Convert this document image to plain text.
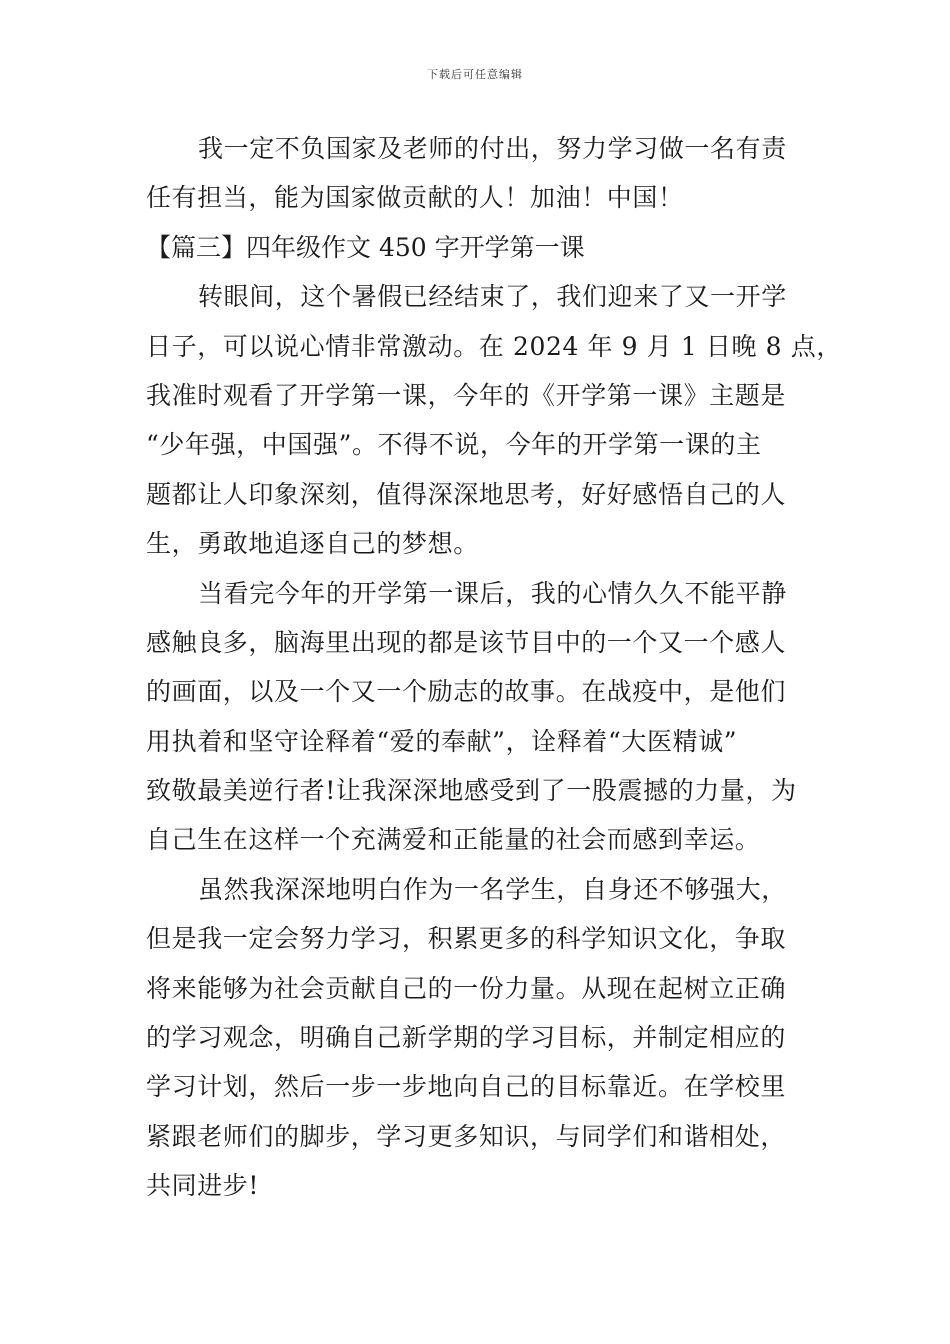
下载后可任意编辑
我一定不负国家及老师的付出，努力学习做一名有责
任有担当，能为国家做贡献的人！加油！中国！
【篇三】四年级作文 450 字开学第一课
转眼间，这个暑假已经结束了，我们迎来了又一开学
日子，可以说心情非常激动。在 2024 年 9 月 1 日晚 8 点，
我准时观看了开学第一课，今年的《开学第一课》主题是
“少年强，中国强”。不得不说，今年的开学第一课的主
题都让人印象深刻，值得深深地思考，好好感悟自己的人
生，勇敢地追逐自己的梦想。
当看完今年的开学第一课后，我的心情久久不能平静
感触良多，脑海里出现的都是该节目中的一个又一个感人
的画面，以及一个又一个励志的故事。在战疫中，是他们
用执着和坚守诠释着“爱的奉献”，诠释着“大医精诚”
致敬最美逆行者!让我深深地感受到了一股震撼的力量，为
自己生在这样一个充满爱和正能量的社会而感到幸运。
虽然我深深地明白作为一名学生，自身还不够强大，
但是我一定会努力学习，积累更多的科学知识文化，争取
将来能够为社会贡献自己的一份力量。从现在起树立正确
的学习观念，明确自己新学期的学习目标，并制定相应的
学习计划，然后一步一步地向自己的目标靠近。在学校里
紧跟老师们的脚步，学习更多知识，与同学们和谐相处，
共同进步!
